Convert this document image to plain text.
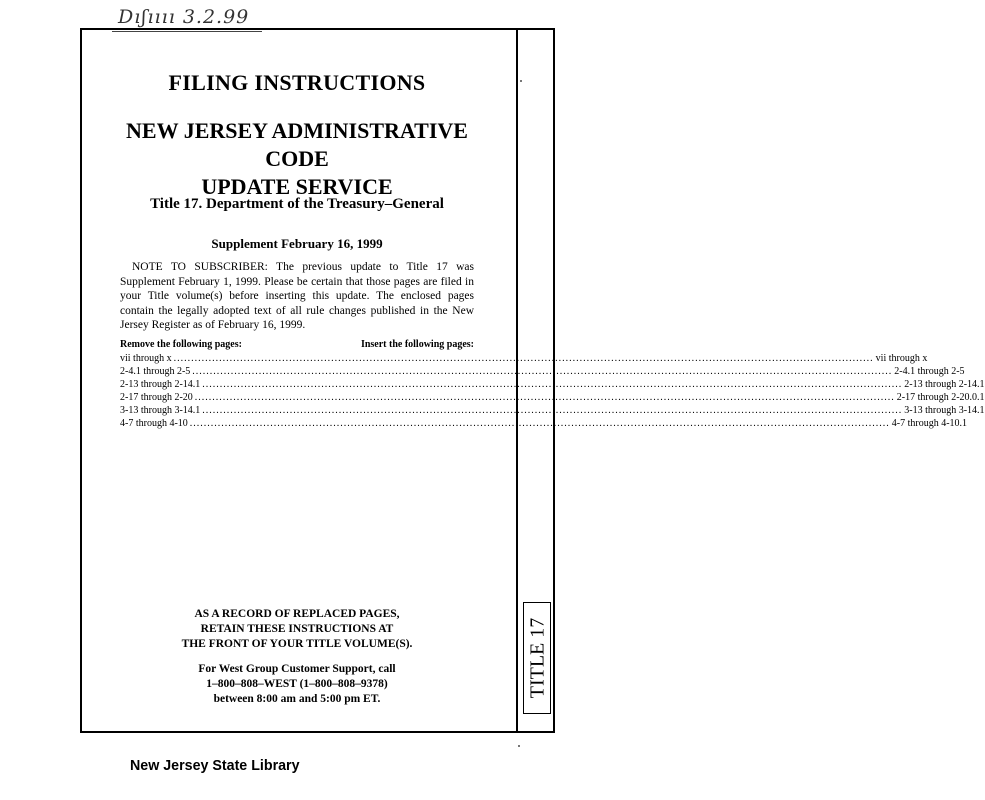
Dıʃıııı 3.2.99
TITLE 17
FILING INSTRUCTIONS
NEW JERSEY ADMINISTRATIVE CODE
UPDATE SERVICE
Title 17. Department of the Treasury–General
Supplement February 16, 1999
NOTE TO SUBSCRIBER: The previous update to Title 17 was Supplement February 1, 1999. Please be certain that those pages are filed in your Title volume(s) before inserting this update. The enclosed pages contain the legally adopted text of all rule changes published in the New Jersey Register as of February 16, 1999.
Remove the following pages:	Insert the following pages:
vii through x ........................................................................................................................................................................................................ vii through x
2-4.1 through 2-5 ........................................................................................................................................................................................................ 2-4.1 through 2-5
2-13 through 2-14.1 ........................................................................................................................................................................................................ 2-13 through 2-14.1
2-17 through 2-20 ........................................................................................................................................................................................................ 2-17 through 2-20.0.1
3-13 through 3-14.1 ........................................................................................................................................................................................................ 3-13 through 3-14.1
4-7 through 4-10 ........................................................................................................................................................................................................ 4-7 through 4-10.1
AS A RECORD OF REPLACED PAGES,
RETAIN THESE INSTRUCTIONS AT
THE FRONT OF YOUR TITLE VOLUME(S).
For West Group Customer Support, call
1–800–808–WEST (1–800–808–9378)
between 8:00 am and 5:00 pm ET.
New Jersey State Library
